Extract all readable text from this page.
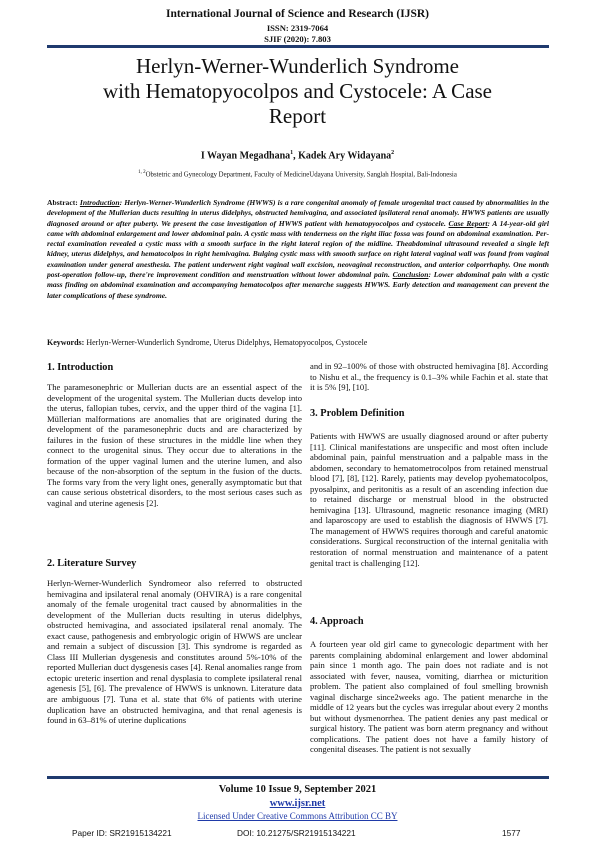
International Journal of Science and Research (IJSR)
ISSN: 2319-7064
SJIF (2020): 7.803
Herlyn-Werner-Wunderlich Syndrome
with Hematopyocolpos and Cystocele: A Case
Report
I Wayan Megadhana$^1$, Kadek Ary Widayana$^2$
$^{1, 2}$Obstetric and Gynecology Department, Faculty of MedicineUdayana University, Sanglah Hospital, Bali-Indonesia
Abstract: Introduction: Herlyn-Werner-Wunderlich Syndrome (HWWS) is a rare congenital anomaly of female urogenital tract caused by abnormalities in the development of the Mullerian ducts resulting in uterus didelphys, obstructed hemivagina, and associated ipsilateral renal anomaly. HWWS patients are usually diagnosed around or after puberty. We present the case investigation of HWWS patient with hematopyocolpos and cystocele. Case Report: A 14-year-old girl came with abdominal enlargement and lower abdominal pain. A cystic mass with tenderness on the right iliac fossa was found on abdominal examination. Per-rectal examination revealed a cystic mass with a smooth surface in the right lateral region of the midline. Theabdominal ultrasound revealed a single left kidney, uterus didelphys, and hematocolpos in right hemivagina. Bulging cystic mass with smooth surface on right lateral vaginal wall was found from vaginal examination under general anesthesia. The patient underwent right vaginal wall excision, neovaginal reconstruction, and anterior colporrhaphy. One month post-operation follow-up, there're improvement condition and menstruation without lower abdominal pain. Conclusion: Lower abdominal pain with a cystic mass finding on abdominal examination and accompanying hematocolpos after menarche suggests HWWS. Early detection and management can prevent the later complications of these syndrome.
Keywords: Herlyn-Werner-Wunderlich Syndrome, Uterus Didelphys, Hematopyocolpos, Cystocele
1. Introduction
The paramesonephric or Mullerian ducts are an essential aspect of the development of the urogenital system. The Mullerian ducts develop into the uterus, fallopian tubes, cervix, and the upper third of the vagina [1]. Müllerian malformations are anomalies that are originated during the development of the paramesonephric ducts and are characterized by failures in the fusion of these structures in the middle line when they connect to the urogenital sinus. They occur due to alterations in the formation of the upper vaginal lumen and the uterine lumen, and also because of the non-absorption of the septum in the fusion of the ducts. The forms vary from the very light ones, generally asymptomatic but that can cause serious obstetrical disorders, to the most serious cases such as vaginal and uterine agenesis [2].
2. Literature Survey
Herlyn-Werner-Wunderlich Syndromeor also referred to obstructed hemivagina and ipsilateral renal anomaly (OHVIRA) is a rare congenital anomaly of the female urogenital tract caused by abnormalities in the development of the Mullerian ducts resulting in uterus didelphys, obstructed hemivagina, and associated ipsilateral renal anomaly. The exact cause, pathogenesis and embryologic origin of HWWS are unclear and remain a subject of discussion [3]. This syndrome is regarded as Class III Mullerian dysgenesis and constitutes around 5%-10% of the reported Mullerian duct dysgenesis cases [4]. Renal anomalies range from ectopic ureteric insertion and renal dysplasia to complete ipsilateral renal agenesis [5], [6]. The prevalence of HWWS is unknown. Literature data are ambiguous [7]. Tuna et al. state that 6% of patients with uterine duplication have an obstructed hemivagina, and that renal agenesis is found in 63–81% of uterine duplications
and in 92–100% of those with obstructed hemivagina [8]. According to Nishu et al., the frequency is 0.1–3% while Fachin et al. state that it is 5% [9], [10].
3. Problem Definition
Patients with HWWS are usually diagnosed around or after puberty [11]. Clinical manifestations are unspecific and most often include abdominal pain, painful menstruation and a palpable mass in the abdomen, secondary to hematometrocolpos from retained menstrual blood [7], [8], [12]. Rarely, patients may develop pyohematocolpos, pyosalpinx, and peritonitis as a result of an ascending infection due to retained discharge or menstrual blood in the obstructed hemivagina [13]. Ultrasound, magnetic resonance imaging (MRI) and laparoscopy are used to establish the diagnosis of HWWS [7]. The management of HWWS requires thorough and careful anatomic considerations. Surgical reconstruction of the internal genitalia with restoration of normal menstruation and maintenance of a patent genital tract is challenging [12].
4. Approach
A fourteen year old girl came to gynecologic department with her parents complaining abdominal enlargement and lower abdominal pain since 1 month ago. The pain does not radiate and is not associated with fever, nausea, vomiting, diarrhea or micturition problem. The patient also complained of foul smelling brownish vaginal discharge since2weeks ago. The patient menarche in the middle of 12 years but the cycles was irregular about every 2 months but without dysmenorrhea. The patient denies any past medical or surgical history. The patient was born aterm pregnancy and without complications. The patient does not have a family history of congenital diseases. The patient is not sexually
Volume 10 Issue 9, September 2021
www.ijsr.net
Licensed Under Creative Commons Attribution CC BY
Paper ID: SR21915134221	DOI: 10.21275/SR21915134221	1577
